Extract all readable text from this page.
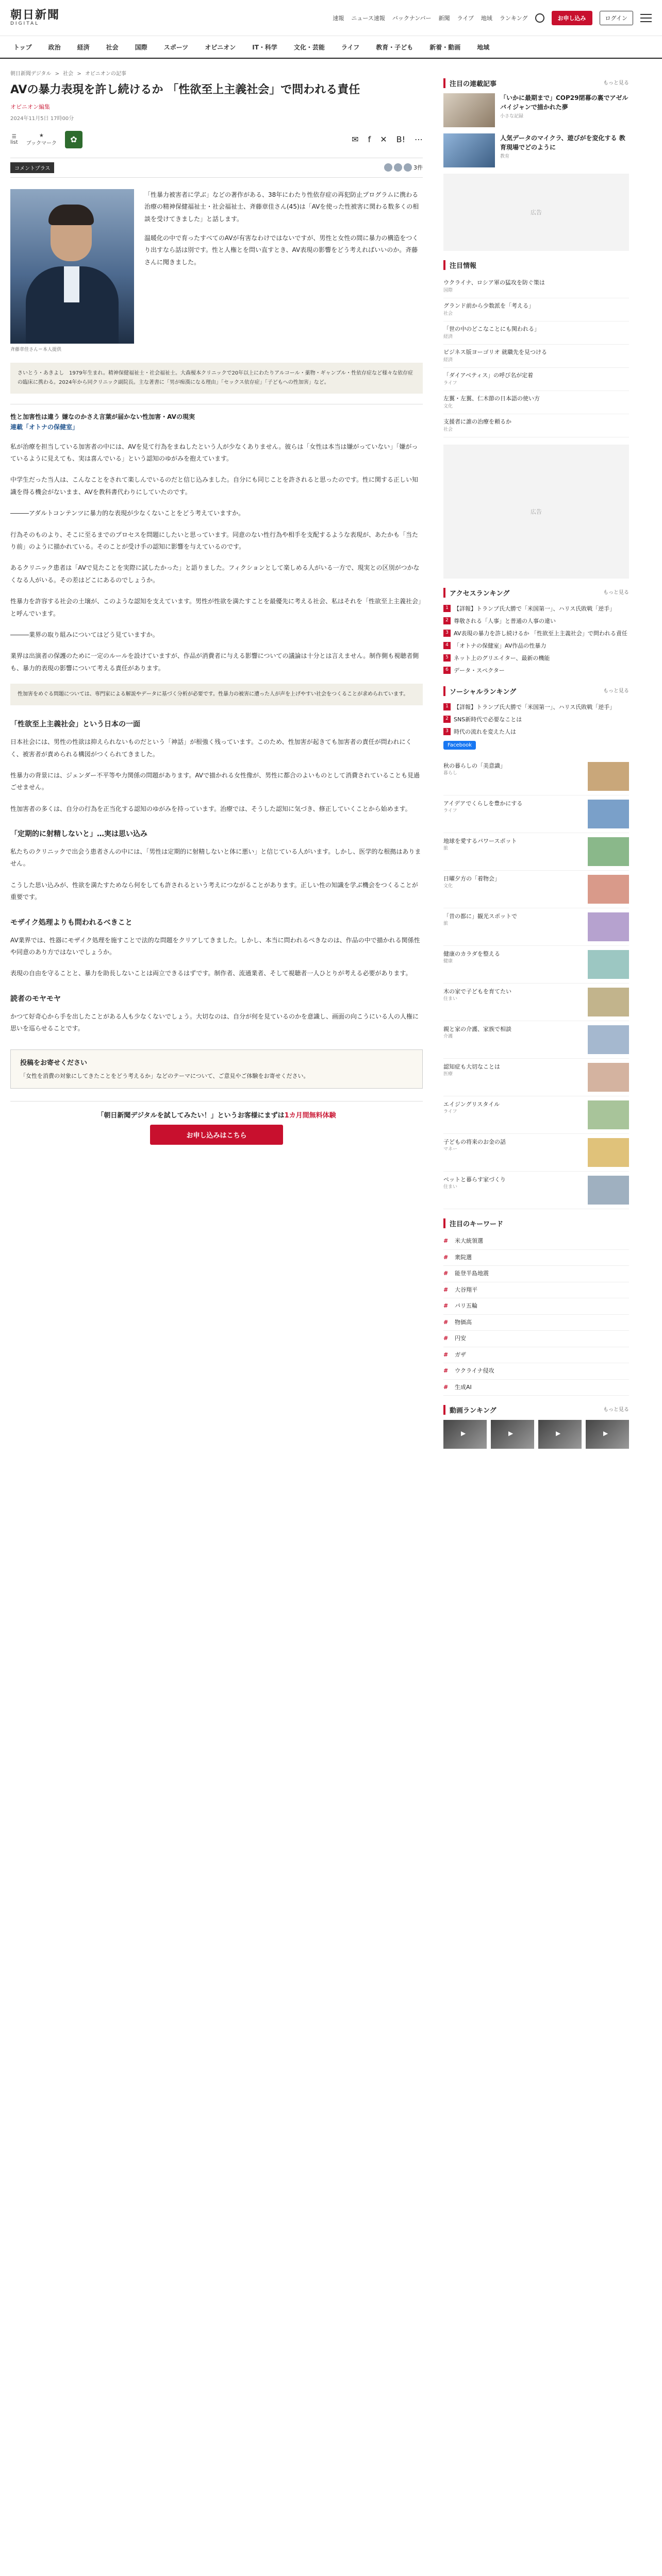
朝日新聞
DIGITAL
速報 ニュース速報 バックナンバー 新聞 ライブ 地域 ランキング	お申し込み	ログイン
トップ	政治	経済	社会	国際	スポーツ	オピニオン	IT・科学	文化・芸能	ライフ	教育・子ども	新着・動画	地域
朝日新聞デジタル > 社会 > オピニオンの記事
AVの暴力表現を許し続けるか 「性欲至上主義社会」で問われる責任
オピニオン編集
2024年11月5日 17時00分
☰
list
★
ブックマーク	✿	✉ f ✕ B! ⋯
コメントプラス	3件
斉藤章佳さん＝本人提供

「性暴力被害者に学ぶ」などの著作がある、38年にわたり性依存症の再犯防止プログラムに携わる治療の精神保健福祉士・社会福祉士、斉藤章佳さん(45)は「AVを使った性被害に関わる数多くの相談を受けてきました」と話します。

温暖化の中で育ったすべてのAVが有害なわけではないですが、男性と女性の間に暴力の構造をつくり出すなら話は別です。性と人権とを問い直すとき、AV表現の影響をどう考えればいいのか。斉藤さんに聞きました。

さいとう・あきよし　1979年生まれ。精神保健福祉士・社会福祉士。大森榎本クリニックで20年以上にわたりアルコール・薬物・ギャンブル・性依存症など様々な依存症の臨床に携わる。2024年から同クリニック副院長。主な著書に「男が痴漢になる理由」「セックス依存症」「子どもへの性加害」など。
性と加害性は違う 嫌なのかさえ言葉が届かない性加害・AVの現実
連載「オトナの保健室」

私が治療を担当している加害者の中には、AVを見て行為をまねしたという人が少なくありません。彼らは「女性は本当は嫌がっていない」「嫌がっているように見えても、実は喜んでいる」という認知のゆがみを抱えています。

中学生だった当人は、こんなことをされて楽しんでいるのだと信じ込みました。自分にも同じことを許されると思ったのです。性に関する正しい知識を得る機会がないまま、AVを教科書代わりにしていたのです。

―――アダルトコンテンツに暴力的な表現が少なくないことをどう考えていますか。

行為そのものより、そこに至るまでのプロセスを問題にしたいと思っています。同意のない性行為や相手を支配するような表現が、あたかも「当たり前」のように描かれている。そのことが受け手の認知に影響を与えているのです。

あるクリニック患者は「AVで見たことを実際に試したかった」と語りました。フィクションとして楽しめる人がいる一方で、現実との区別がつかなくなる人がいる。その差はどこにあるのでしょうか。

性暴力を許容する社会の土壌が、このような認知を支えています。男性が性欲を満たすことを最優先に考える社会、私はそれを「性欲至上主義社会」と呼んでいます。

―――業界の取り組みについてはどう見ていますか。

業界は出演者の保護のために一定のルールを設けていますが、作品が消費者に与える影響についての議論は十分とは言えません。制作側も視聴者側も、暴力的表現の影響について考える責任があります。

性加害をめぐる問題については、専門家による解説やデータに基づく分析が必要です。性暴力の被害に遭った人が声を上げやすい社会をつくることが求められています。
「性欲至上主義社会」という日本の一面

日本社会には、男性の性欲は抑えられないものだという「神話」が根強く残っています。このため、性加害が起きても加害者の責任が問われにくく、被害者が責められる構図がつくられてきました。

性暴力の背景には、ジェンダー不平等や力関係の問題があります。AVで描かれる女性像が、男性に都合のよいものとして消費されていることも見過ごせません。

性加害者の多くは、自分の行為を正当化する認知のゆがみを持っています。治療では、そうした認知に気づき、修正していくことから始めます。

「定期的に射精しないと」…実は思い込み

私たちのクリニックで出会う患者さんの中には、「男性は定期的に射精しないと体に悪い」と信じている人がいます。しかし、医学的な根拠はありません。

こうした思い込みが、性欲を満たすためなら何をしても許されるという考えにつながることがあります。正しい性の知識を学ぶ機会をつくることが重要です。

モザイク処理よりも問われるべきこと

AV業界では、性器にモザイク処理を施すことで法的な問題をクリアしてきました。しかし、本当に問われるべきなのは、作品の中で描かれる関係性や同意のあり方ではないでしょうか。

表現の自由を守ることと、暴力を助長しないことは両立できるはずです。制作者、流通業者、そして視聴者一人ひとりが考える必要があります。

読者のモヤモヤ

かつて好奇心から手を出したことがある人も少なくないでしょう。大切なのは、自分が何を見ているのかを意識し、画面の向こうにいる人の人権に思いを巡らせることです。

投稿をお寄せください

「女性を消費の対象にしてきたことをどう考えるか」などのテーマについて、ご意見やご体験をお寄せください。

「朝日新聞デジタルを試してみたい！」というお客様にまずは1カ月間無料体験
お申し込みはこちら
注目の連載記事	もっと見る
「いかに最期まで」COP29閉幕の裏でアゼルバイジャンで描かれた夢
小さな記録
人気データのマイクラ、遊びがを変化する 教育現場でどのように
教育
広告
注目情報
ウクライナ、ロシア軍の猛攻を防ぐ策は
国際
グランド前から少数派を「考える」
社会
「世の中のどこなことにも関われる」
経済
ビジネス版ヨーゴリオ 就職先を見つける
経済
「ダイアベティス」の呼び名が定着
ライフ
左翼・左翼、仁木節の日本語の使い方
文化
支援者に誰の治療を頼るか
社会
広告
アクセスランキング	もっと見る
1 【詳報】トランプ氏大勝で「米国第一」、ハリス氏敗戦「逆手」
2 尊敬される「人事」と普通の人事の違い
3 AV表現の暴力を許し続けるか 「性欲至上主義社会」で問われる責任
4 「オトナの保健室」AV作品の性暴力
5 ネット上のグリエイター、最新の機能
6 データ・スペクター
ソーシャルランキング	もっと見る
1 【詳報】トランプ氏大勝で「米国第一」、ハリス氏敗戦「逆手」
2 SNS新時代で必要なことは
3 時代の流れを変えた人は
Facebook
秋の暮らしの「美意識」
暮らし
アイデアでくらしを豊かにする
ライフ
地球を愛するパワースポット
旅
日曜夕方の「着物会」
文化
「昔の都に」観光スポットで
旅
健康のカラダを整える
健康
木の家で子どもを育てたい
住まい
親と家の介護、家族で相談
介護
認知症も大切なことは
医療
エイジングリスタイル
ライフ
子どもの将来のお金の話
マネー
ペットと暮らす家づくり
住まい
注目のキーワード
#	米大統領選
#	衆院選
#	能登半島地震
#	大谷翔平
#	パリ五輪
#	物価高
#	円安
#	ガザ
#	ウクライナ侵攻
#	生成AI
動画ランキング	もっと見る
▶
▶
▶
▶
